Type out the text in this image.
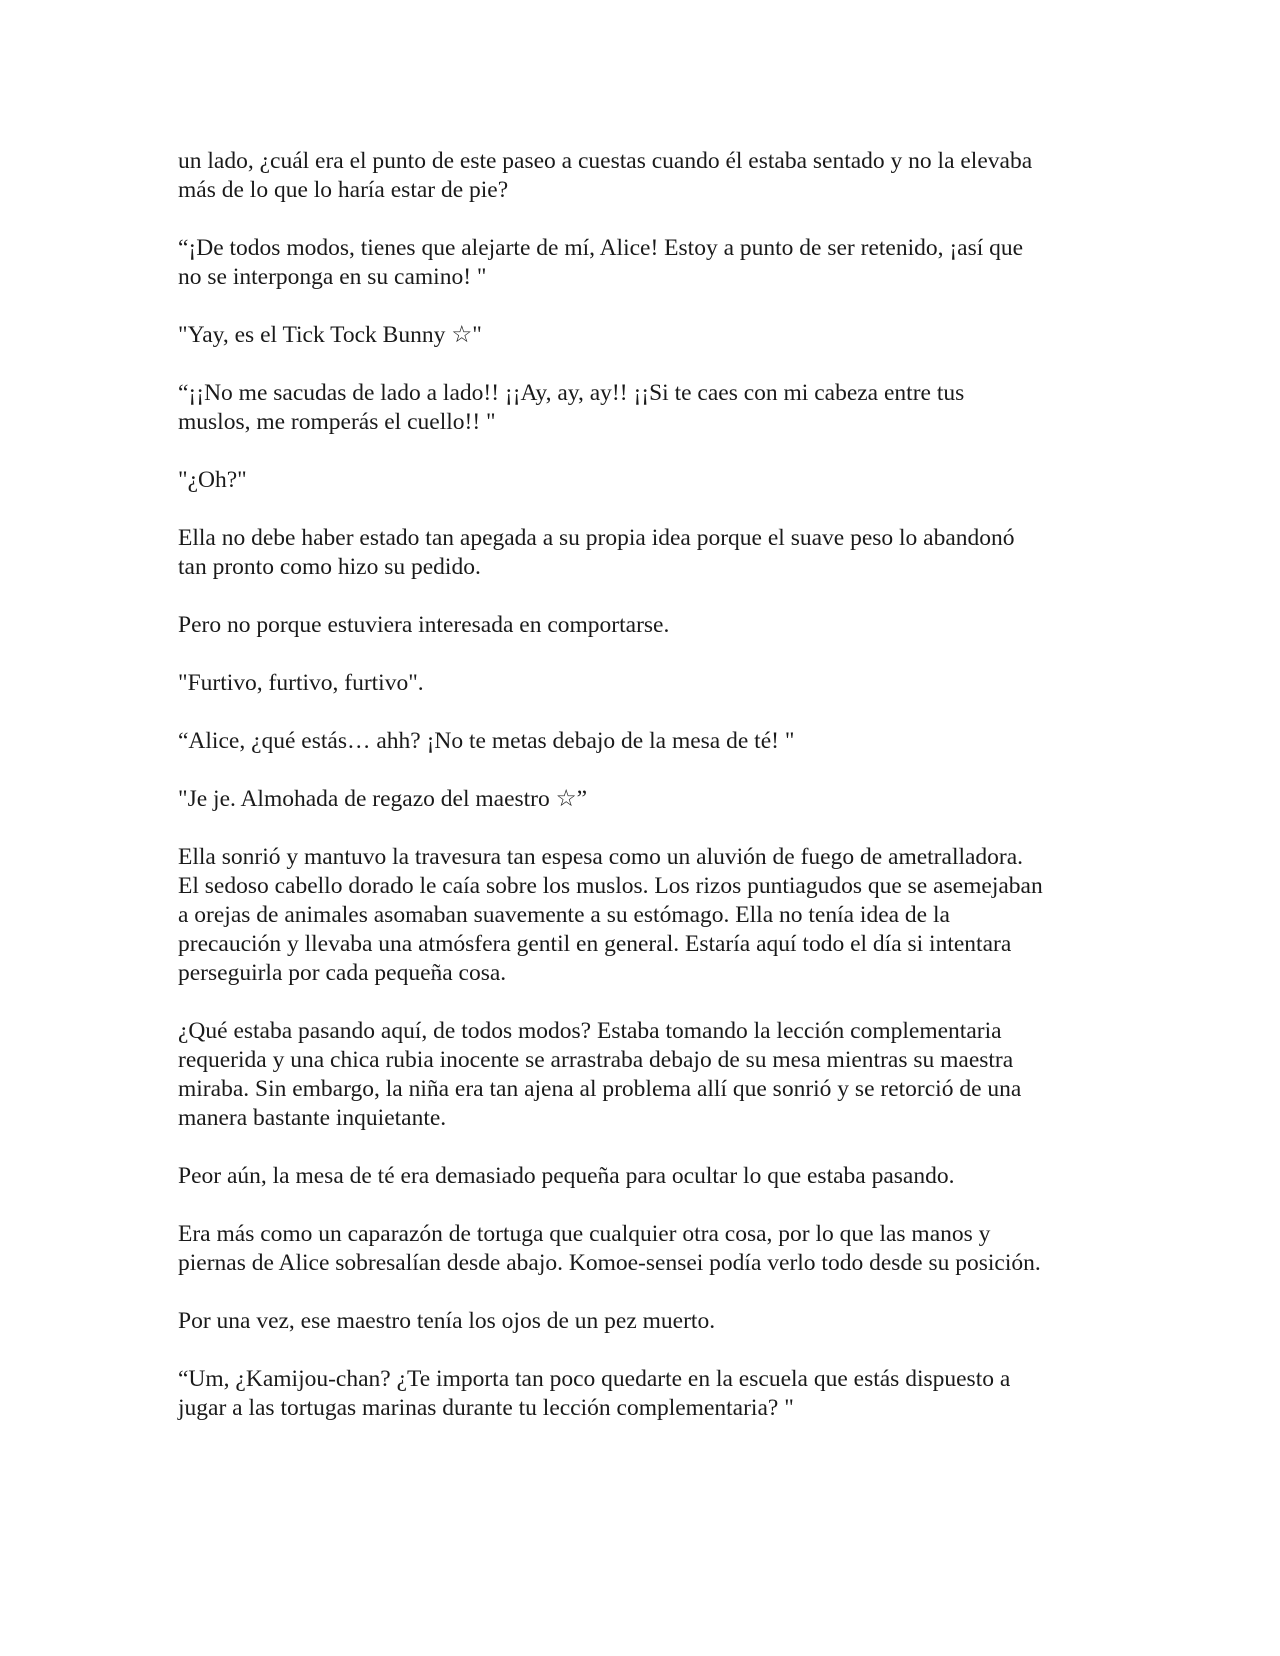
un lado, ¿cuál era el punto de este paseo a cuestas cuando él estaba sentado y no la elevaba
más de lo que lo haría estar de pie?

“¡De todos modos, tienes que alejarte de mí, Alice! Estoy a punto de ser retenido, ¡así que
no se interponga en su camino! "

"Yay, es el Tick Tock Bunny ☆"

“¡¡No me sacudas de lado a lado!! ¡¡Ay, ay, ay!! ¡¡Si te caes con mi cabeza entre tus
muslos, me romperás el cuello!! "

"¿Oh?"

Ella no debe haber estado tan apegada a su propia idea porque el suave peso lo abandonó
tan pronto como hizo su pedido.

Pero no porque estuviera interesada en comportarse.

"Furtivo, furtivo, furtivo".

“Alice, ¿qué estás… ahh? ¡No te metas debajo de la mesa de té! "

"Je je. Almohada de regazo del maestro ☆”

Ella sonrió y mantuvo la travesura tan espesa como un aluvión de fuego de ametralladora.
El sedoso cabello dorado le caía sobre los muslos. Los rizos puntiagudos que se asemejaban
a orejas de animales asomaban suavemente a su estómago. Ella no tenía idea de la
precaución y llevaba una atmósfera gentil en general. Estaría aquí todo el día si intentara
perseguirla por cada pequeña cosa.

¿Qué estaba pasando aquí, de todos modos? Estaba tomando la lección complementaria
requerida y una chica rubia inocente se arrastraba debajo de su mesa mientras su maestra
miraba. Sin embargo, la niña era tan ajena al problema allí que sonrió y se retorció de una
manera bastante inquietante.

Peor aún, la mesa de té era demasiado pequeña para ocultar lo que estaba pasando.

Era más como un caparazón de tortuga que cualquier otra cosa, por lo que las manos y
piernas de Alice sobresalían desde abajo. Komoe-sensei podía verlo todo desde su posición.

Por una vez, ese maestro tenía los ojos de un pez muerto.

“Um, ¿Kamijou-chan? ¿Te importa tan poco quedarte en la escuela que estás dispuesto a
jugar a las tortugas marinas durante tu lección complementaria? "
